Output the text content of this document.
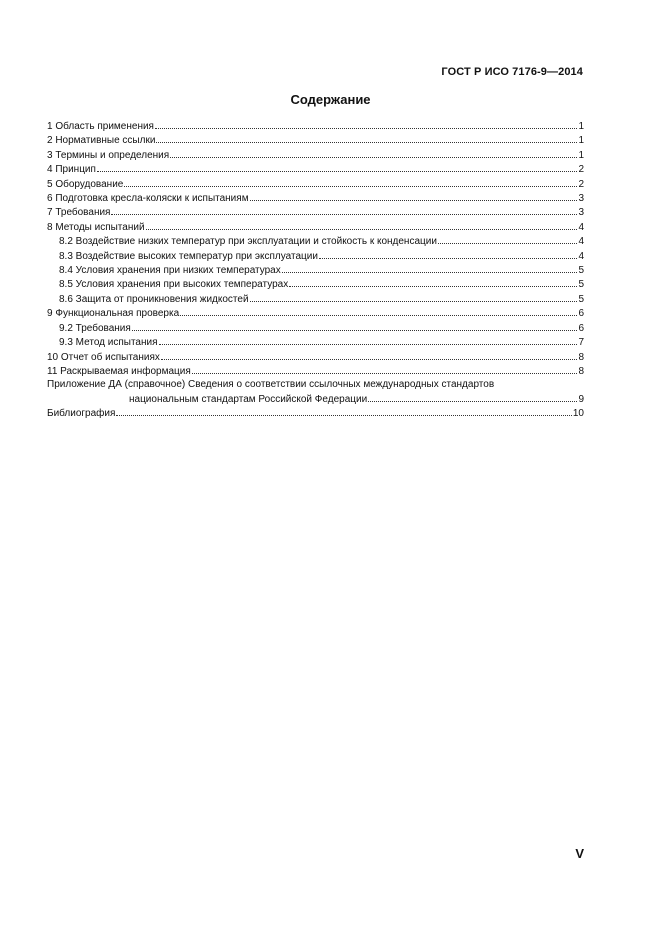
ГОСТ Р ИСО 7176-9—2014
Содержание
1 Область применения	1
2 Нормативные ссылки	1
3 Термины и определения	1
4 Принцип	2
5 Оборудование	2
6 Подготовка кресла-коляски к испытаниям	3
7 Требования	3
8 Методы испытаний	4
8.2 Воздействие низких температур при эксплуатации и стойкость к конденсации	4
8.3 Воздействие высоких температур при эксплуатации	4
8.4 Условия хранения при низких температурах	5
8.5 Условия хранения при высоких температурах	5
8.6 Защита от проникновения жидкостей	5
9 Функциональная проверка	6
9.2 Требования	6
9.3 Метод испытания	7
10 Отчет об испытаниях	8
11 Раскрываемая информация	8
Приложение ДА (справочное) Сведения о соответствии ссылочных международных стандартов
национальным стандартам Российской Федерации	9
Библиография	10
V
